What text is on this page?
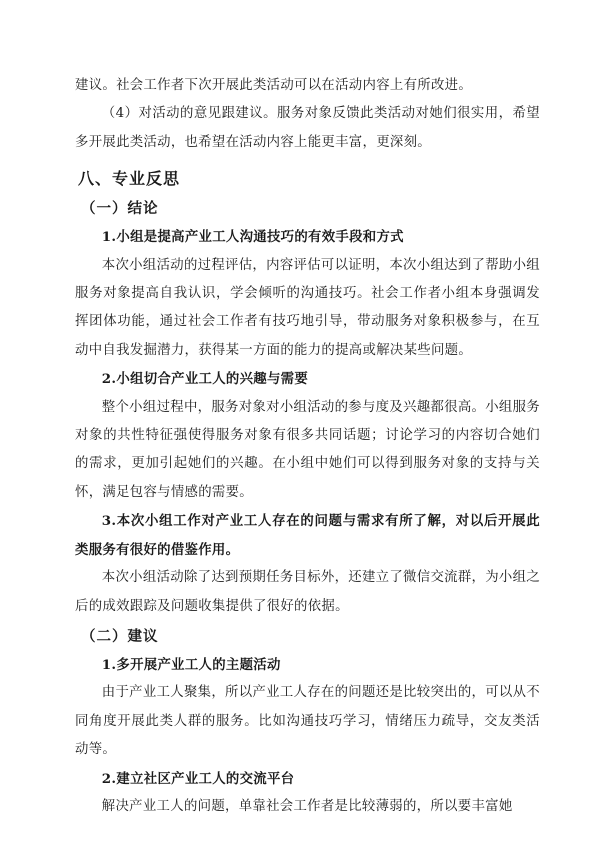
建议。社会工作者下次开展此类活动可以在活动内容上有所改进。

（4）对活动的意见跟建议。服务对象反馈此类活动对她们很实用，希望多开展此类活动，也希望在活动内容上能更丰富，更深刻。

八、专业反思

（一）结论

1.小组是提高产业工人沟通技巧的有效手段和方式

本次小组活动的过程评估，内容评估可以证明，本次小组达到了帮助小组服务对象提高自我认识，学会倾听的沟通技巧。社会工作者小组本身强调发挥团体功能，通过社会工作者有技巧地引导，带动服务对象积极参与，在互动中自我发掘潜力，获得某一方面的能力的提高或解决某些问题。

2.小组切合产业工人的兴趣与需要

整个小组过程中，服务对象对小组活动的参与度及兴趣都很高。小组服务对象的共性特征强使得服务对象有很多共同话题；讨论学习的内容切合她们的需求，更加引起她们的兴趣。在小组中她们可以得到服务对象的支持与关怀，满足包容与情感的需要。

3.本次小组工作对产业工人存在的问题与需求有所了解，对以后开展此类服务有很好的借鉴作用。

本次小组活动除了达到预期任务目标外，还建立了微信交流群，为小组之后的成效跟踪及问题收集提供了很好的依据。

（二）建议

1.多开展产业工人的主题活动

由于产业工人聚集，所以产业工人存在的问题还是比较突出的，可以从不同角度开展此类人群的服务。比如沟通技巧学习，情绪压力疏导，交友类活动等。

2.建立社区产业工人的交流平台

解决产业工人的问题，单靠社会工作者是比较薄弱的，所以要丰富她
